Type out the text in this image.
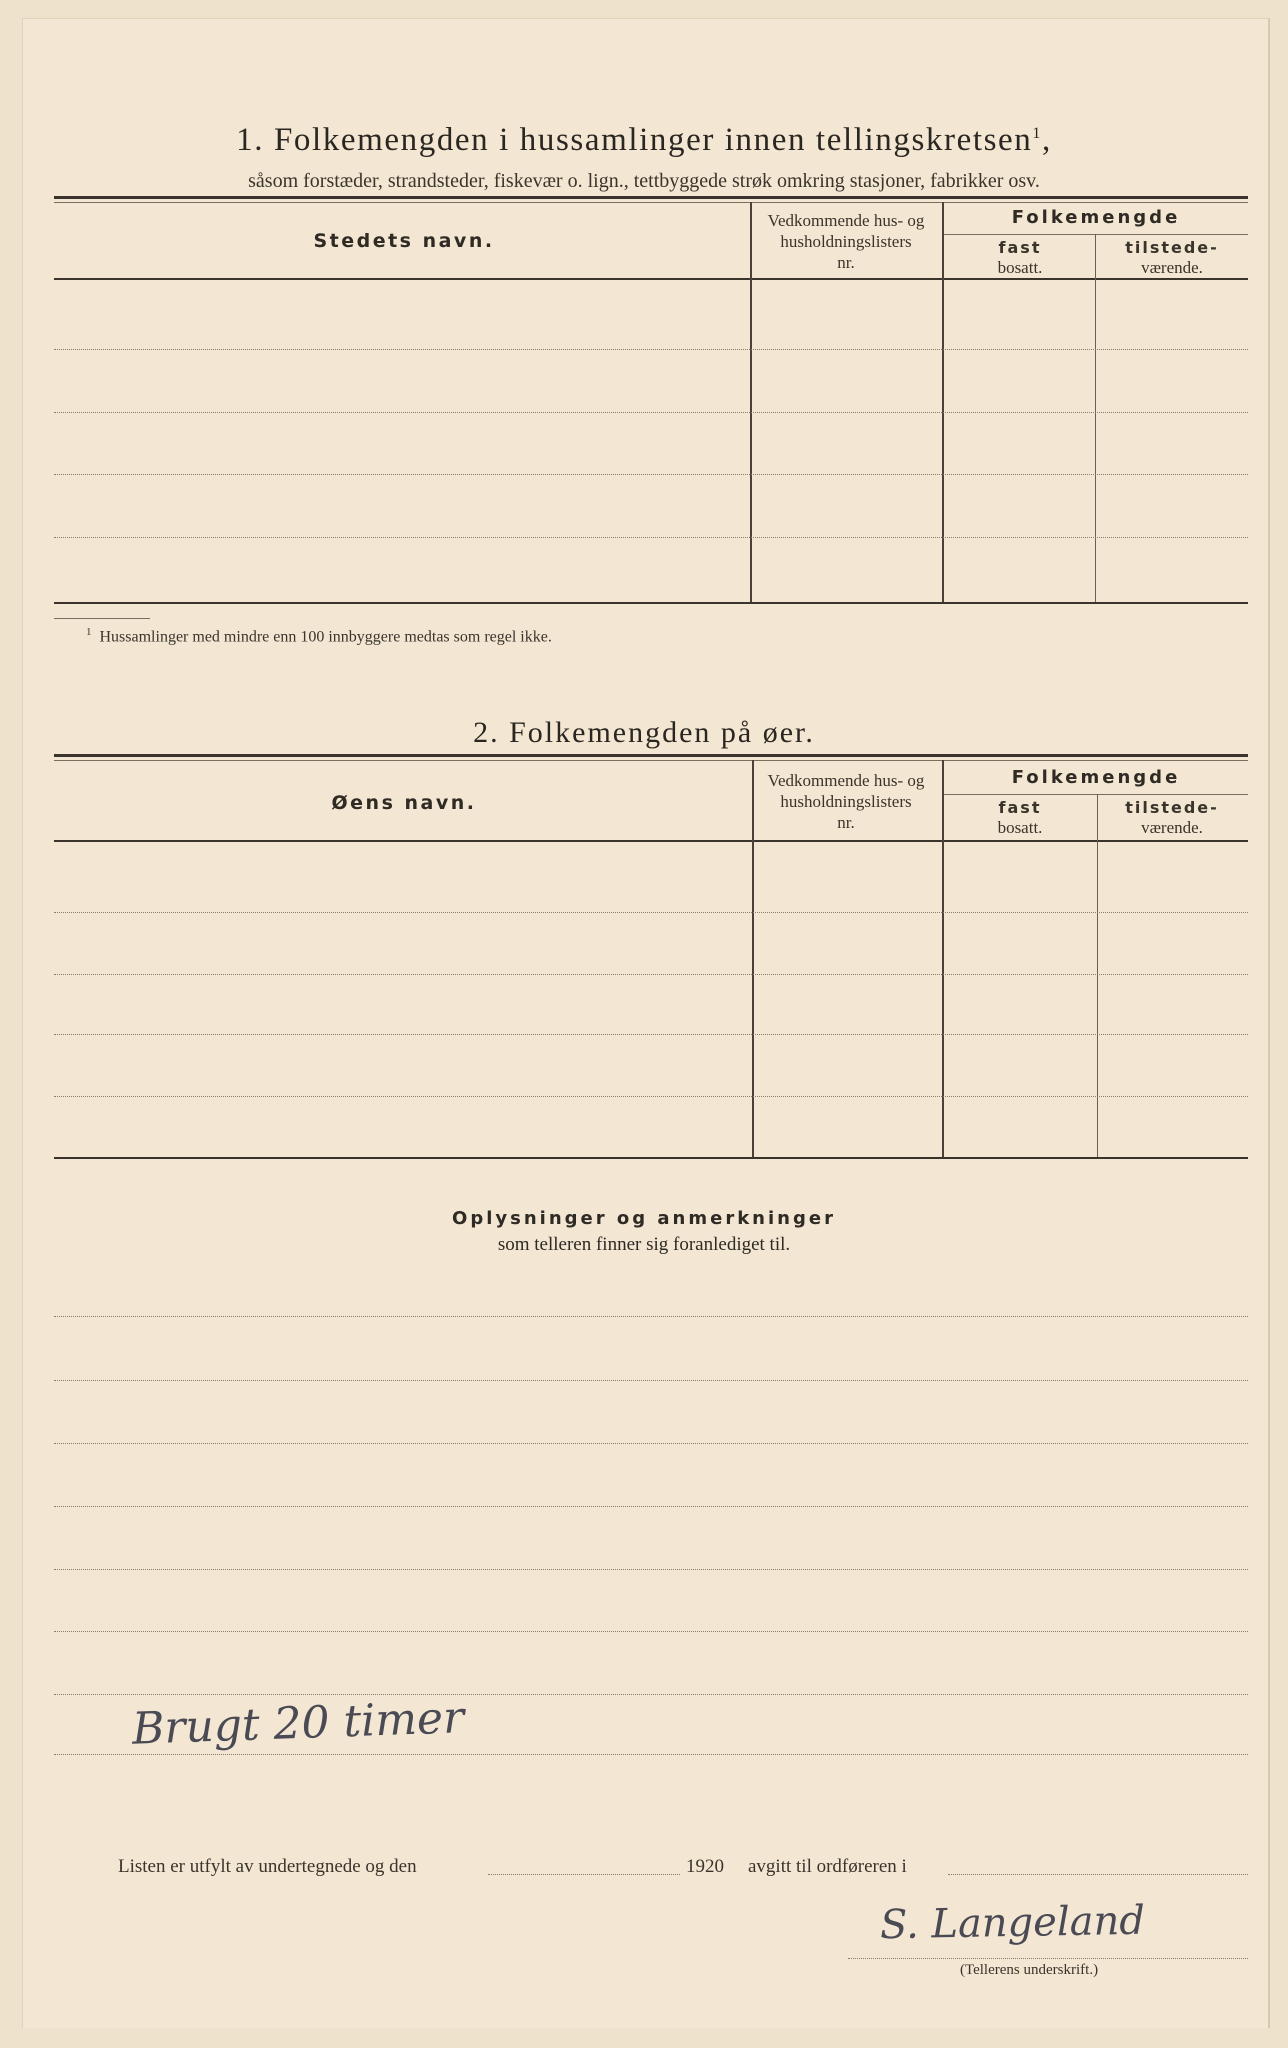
1. Folkemengden i hussamlinger innen tellingskretsen$^1$,
såsom forstæder, strandsteder, fiskevær o. lign., tettbyggede strøk omkring stasjoner, fabrikker osv.
Stedets navn.
Vedkommende hus- og
husholdningslisters
nr.
Folkemengde
fast
bosatt.
tilstede-
værende.
$^1$ Hussamlinger med mindre enn 100 innbyggere medtas som regel ikke.
2. Folkemengden på øer.
Øens navn.
Vedkommende hus- og
husholdningslisters
nr.
Folkemengde
fast
bosatt.
tilstede-
værende.
Oplysninger og anmerkninger
som telleren finner sig foranlediget til.
Brugt 20 timer
Listen er utfylt av undertegnede og den	1920 avgitt til ordføreren i
S. Langeland
(Tellerens underskrift.)
